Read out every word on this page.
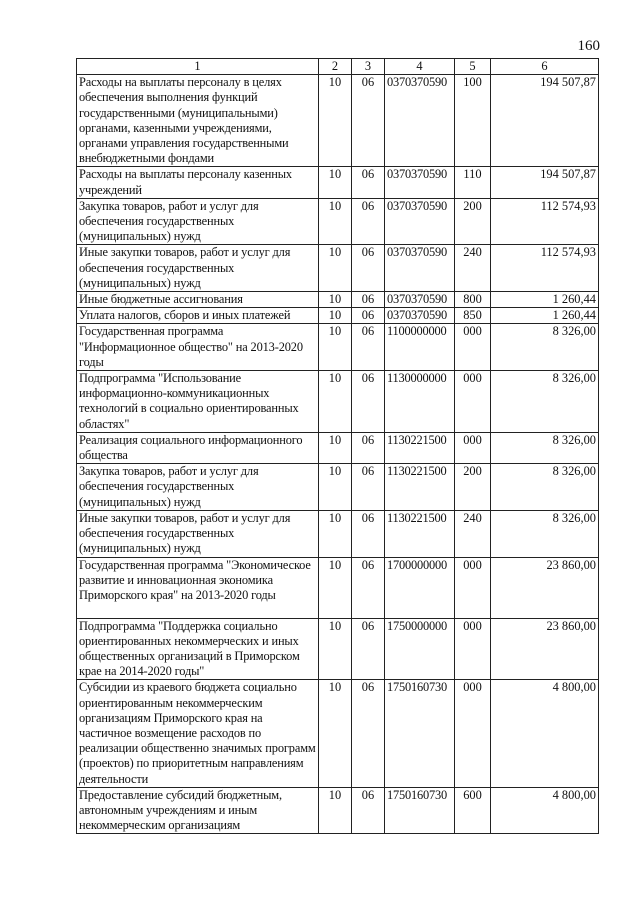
160
1	2	3	4	5	6
Расходы на выплаты персоналу в целях обеспечения выполнения функций государственными (муниципальными) органами, казенными учреждениями, органами управления государственными внебюджетными фондами	10	06	0370370590	100	194 507,87
Расходы на выплаты персоналу казенных учреждений	10	06	0370370590	110	194 507,87
Закупка товаров, работ и услуг для обеспечения государственных (муниципальных) нужд	10	06	0370370590	200	112 574,93
Иные закупки товаров, работ и услуг для обеспечения государственных (муниципальных) нужд	10	06	0370370590	240	112 574,93
Иные бюджетные ассигнования	10	06	0370370590	800	1 260,44
Уплата налогов, сборов и иных платежей	10	06	0370370590	850	1 260,44
Государственная программа "Информационное общество" на 2013-2020 годы	10	06	1100000000	000	8 326,00
Подпрограмма "Использование информационно-коммуникационных технологий в социально ориентированных областях"	10	06	1130000000	000	8 326,00
Реализация социального информационного общества	10	06	1130221500	000	8 326,00
Закупка товаров, работ и услуг для обеспечения государственных (муниципальных) нужд	10	06	1130221500	200	8 326,00
Иные закупки товаров, работ и услуг для обеспечения государственных (муниципальных) нужд	10	06	1130221500	240	8 326,00
Государственная программа "Экономическое развитие и инновационная экономика Приморского края" на 2013-2020 годы	10	06	1700000000	000	23 860,00
Подпрограмма "Поддержка социально ориентированных некоммерческих и иных общественных организаций в Приморском крае на 2014-2020 годы"	10	06	1750000000	000	23 860,00
Субсидии из краевого бюджета социально ориентированным некоммерческим организациям Приморского края на частичное возмещение расходов по реализации общественно значимых программ (проектов) по приоритетным направлениям деятельности	10	06	1750160730	000	4 800,00
Предоставление субсидий бюджетным, автономным учреждениям и иным некоммерческим организациям	10	06	1750160730	600	4 800,00
